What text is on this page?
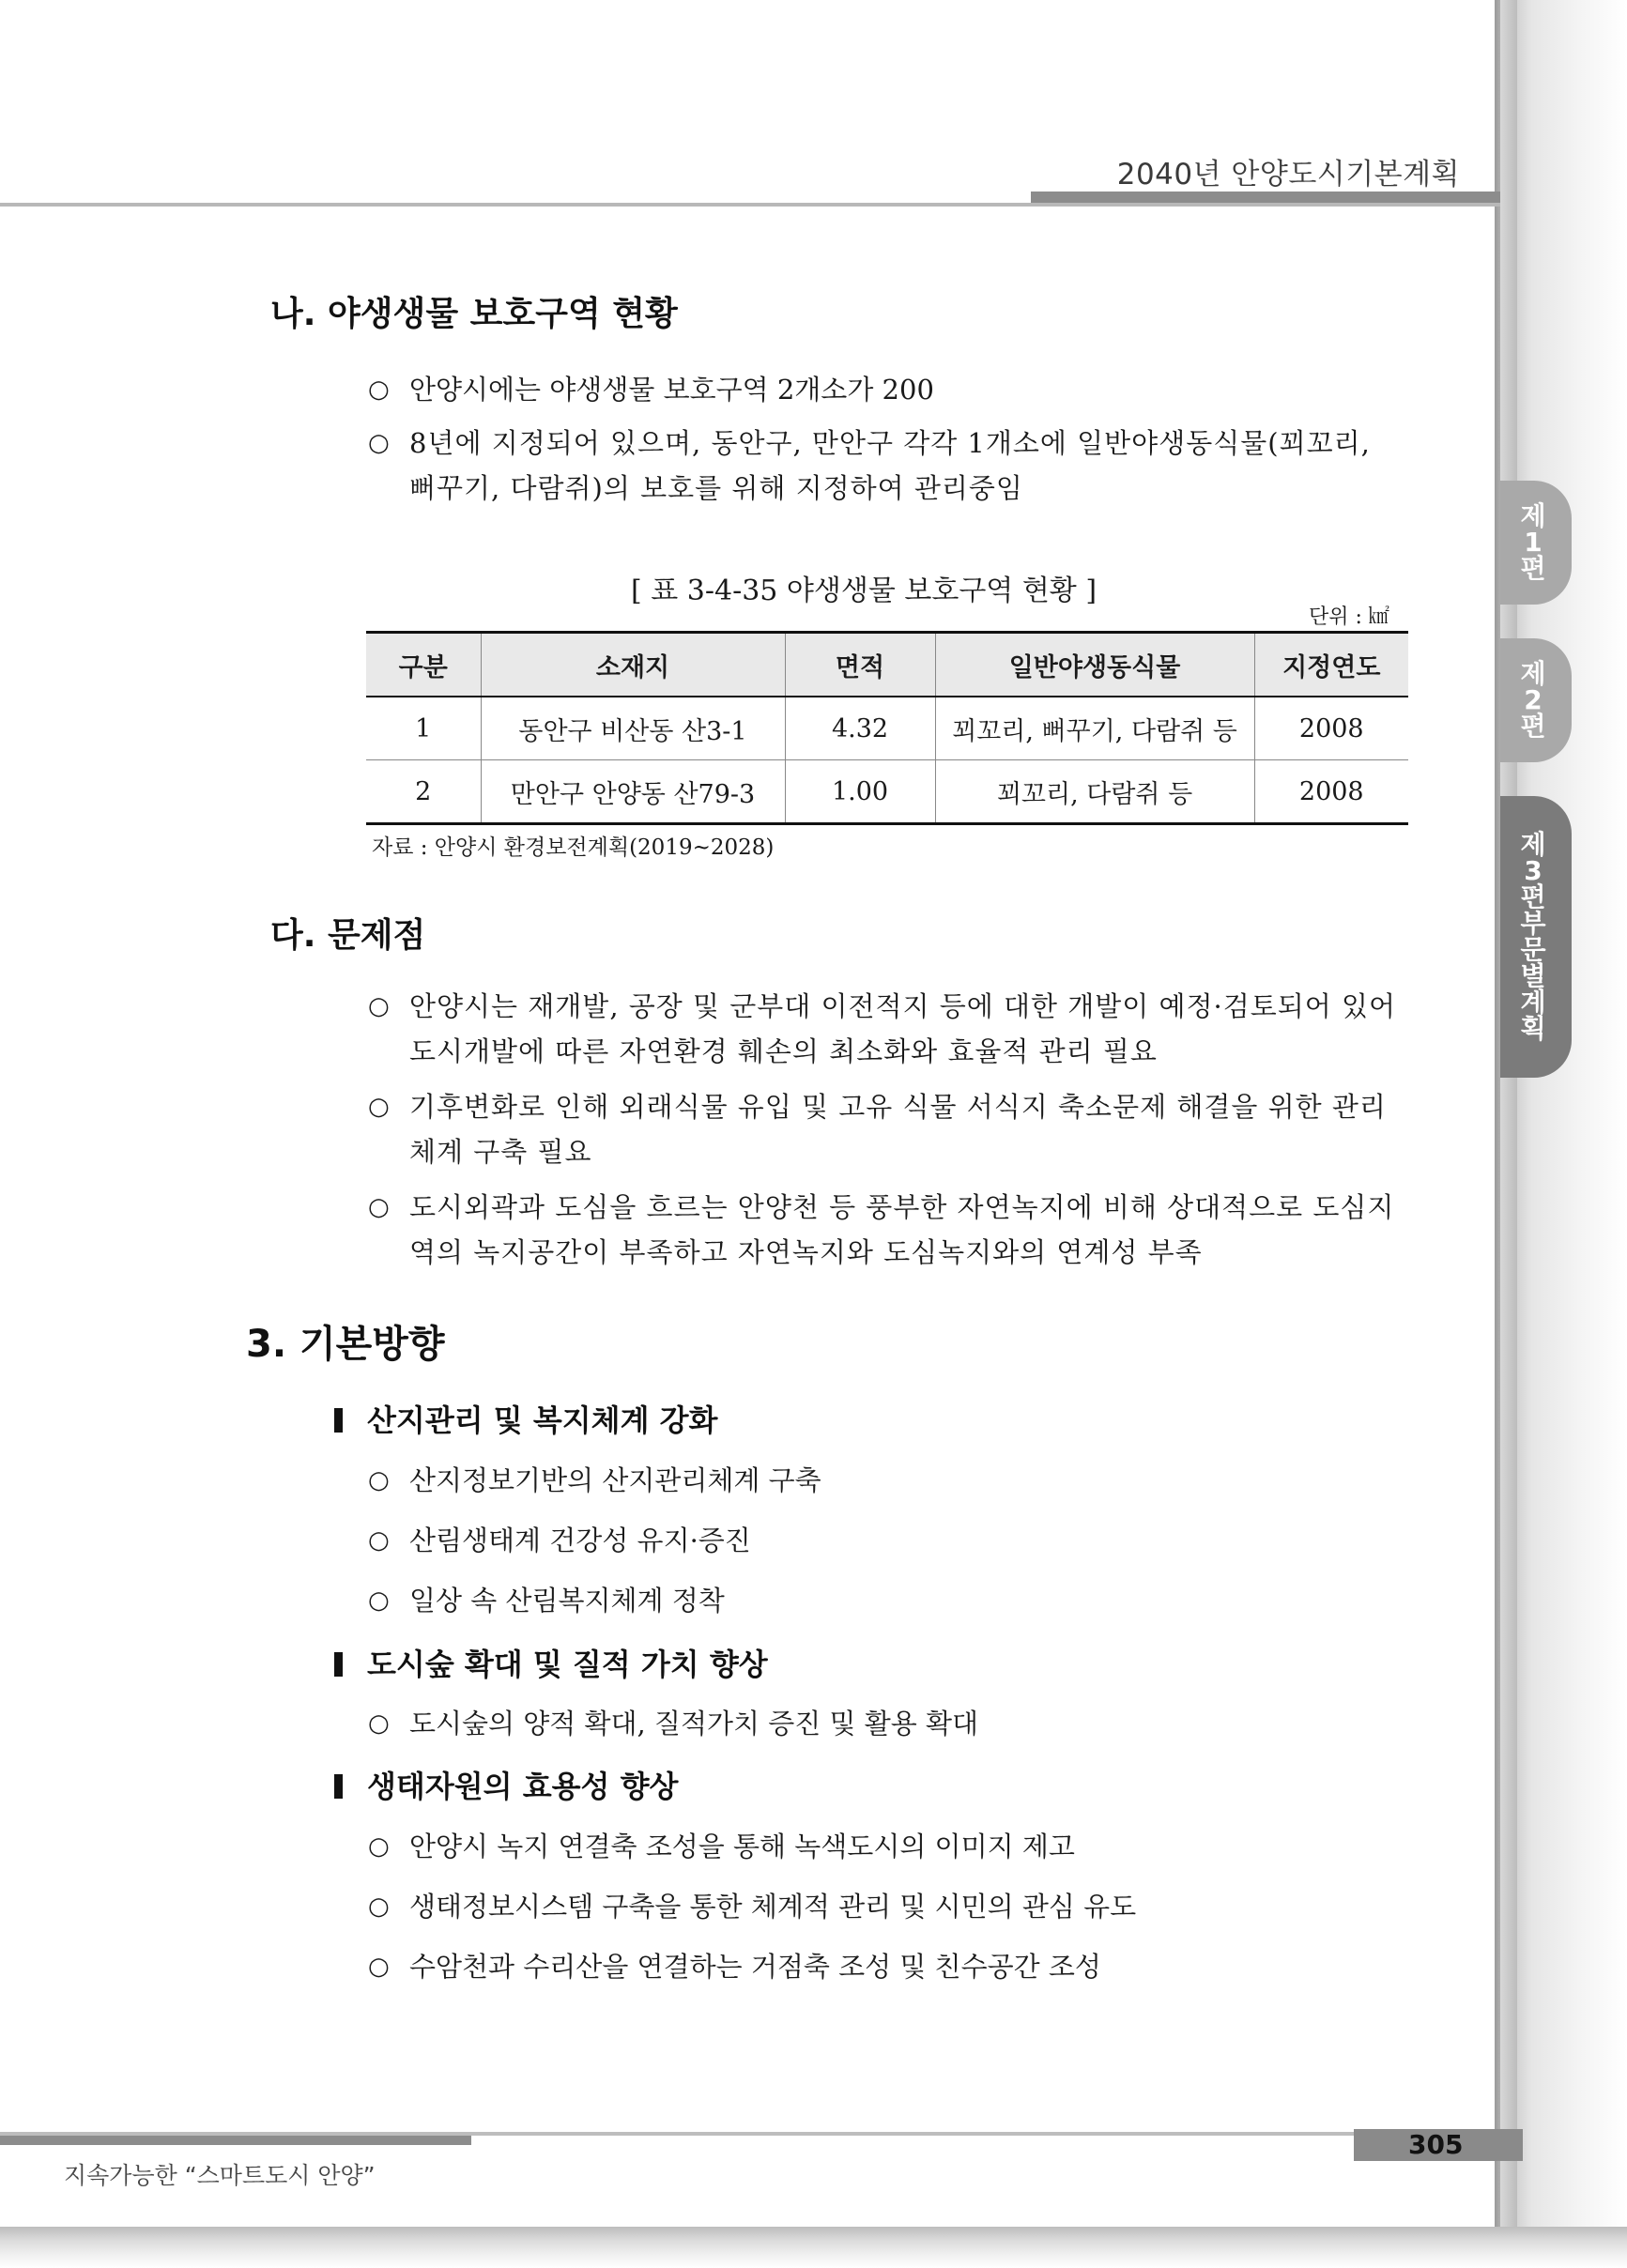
2040년 안양도시기본계획
제
1
편
제
2
편
제
3
편
부
문
별
계
획
나. 야생생물 보호구역 현황
○ 안양시에는 야생생물 보호구역 2개소가 200
○ 8년에 지정되어 있으며, 동안구, 만안구 각각 1개소에 일반야생동식물(꾀꼬리, 뻐꾸기, 다람쥐)의 보호를 위해 지정하여 관리중임
[ 표 3-4-35 야생생물 보호구역 현황 ]
단위 : ㎢
구분	소재지	면적	일반야생동식물	지정연도
1	동안구 비산동 산3-1	4.32	꾀꼬리, 뻐꾸기, 다람쥐 등	2008
2	만안구 안양동 산79-3	1.00	꾀꼬리, 다람쥐 등	2008
자료 : 안양시 환경보전계획(2019~2028)
다. 문제점
○ 안양시는 재개발, 공장 및 군부대 이전적지 등에 대한 개발이 예정·검토되어 있어 도시개발에 따른 자연환경 훼손의 최소화와 효율적 관리 필요
○ 기후변화로 인해 외래식물 유입 및 고유 식물 서식지 축소문제 해결을 위한 관리체계 구축 필요
○ 도시외곽과 도심을 흐르는 안양천 등 풍부한 자연녹지에 비해 상대적으로 도심지역의 녹지공간이 부족하고 자연녹지와 도심녹지와의 연계성 부족
3. 기본방향
산지관리 및 복지체계 강화
○ 산지정보기반의 산지관리체계 구축
○ 산림생태계 건강성 유지·증진
○ 일상 속 산림복지체계 정착
도시숲 확대 및 질적 가치 향상
○ 도시숲의 양적 확대, 질적가치 증진 및 활용 확대
생태자원의 효용성 향상
○ 안양시 녹지 연결축 조성을 통해 녹색도시의 이미지 제고
○ 생태정보시스템 구축을 통한 체계적 관리 및 시민의 관심 유도
○ 수암천과 수리산을 연결하는 거점축 조성 및 친수공간 조성
305
지속가능한 “스마트도시 안양”
